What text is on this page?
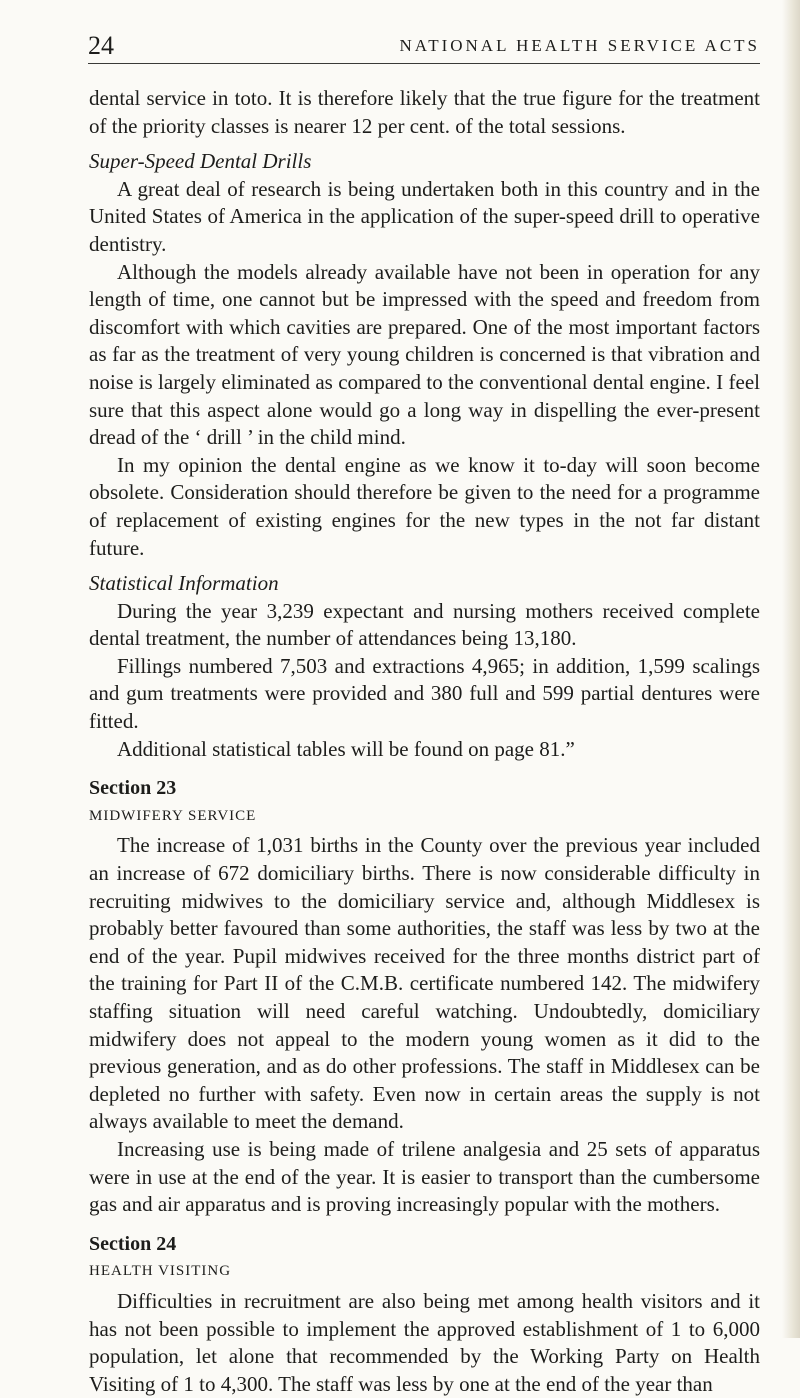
24	NATIONAL HEALTH SERVICE ACTS

dental service in toto. It is therefore likely that the true figure for the treatment of the priority classes is nearer 12 per cent. of the total sessions.

Super-Speed Dental Drills

A great deal of research is being undertaken both in this country and in the United States of America in the application of the super-speed drill to operative dentistry.

Although the models already available have not been in operation for any length of time, one cannot but be impressed with the speed and freedom from discomfort with which cavities are prepared. One of the most important factors as far as the treatment of very young children is concerned is that vibration and noise is largely eliminated as compared to the conventional dental engine. I feel sure that this aspect alone would go a long way in dispelling the ever-present dread of the ‘ drill ’ in the child mind.

In my opinion the dental engine as we know it to-day will soon become obsolete. Consideration should therefore be given to the need for a programme of replacement of existing engines for the new types in the not far distant future.

Statistical Information

During the year 3,239 expectant and nursing mothers received complete dental treatment, the number of attendances being 13,180.

Fillings numbered 7,503 and extractions 4,965; in addition, 1,599 scalings and gum treatments were provided and 380 full and 599 partial dentures were fitted.

Additional statistical tables will be found on page 81.”

Section 23

MIDWIFERY SERVICE

The increase of 1,031 births in the County over the previous year included an increase of 672 domiciliary births. There is now considerable difficulty in recruiting midwives to the domiciliary service and, although Middlesex is probably better favoured than some authorities, the staff was less by two at the end of the year. Pupil midwives received for the three months district part of the training for Part II of the C.M.B. certificate numbered 142. The midwifery staffing situation will need careful watching. Undoubtedly, domiciliary midwifery does not appeal to the modern young women as it did to the previous generation, and as do other professions. The staff in Middlesex can be depleted no further with safety. Even now in certain areas the supply is not always available to meet the demand.

Increasing use is being made of trilene analgesia and 25 sets of apparatus were in use at the end of the year. It is easier to transport than the cumbersome gas and air apparatus and is proving increasingly popular with the mothers.

Section 24

HEALTH VISITING

Difficulties in recruitment are also being met among health visitors and it has not been possible to implement the approved establishment of 1 to 6,000 population, let alone that recommended by the Working Party on Health Visiting of 1 to 4,300. The staff was less by one at the end of the year than
